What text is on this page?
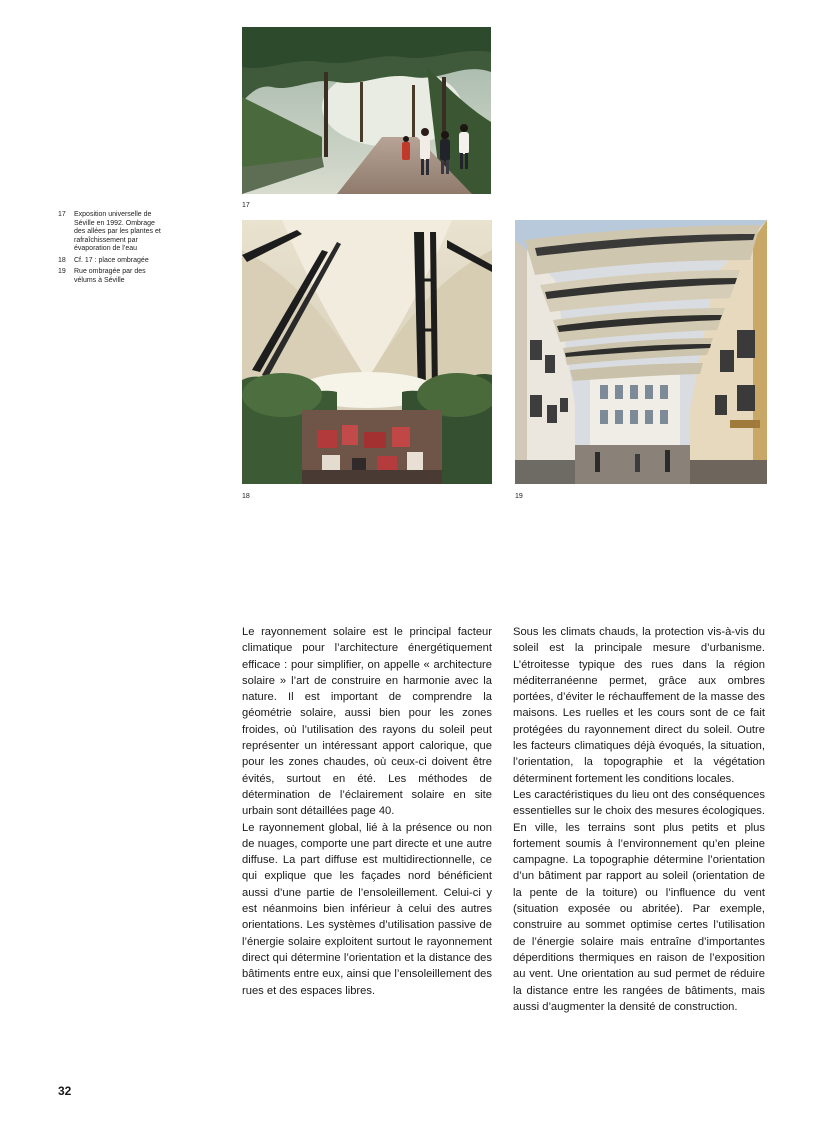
17
18	19
17	Exposition universelle de Séville en 1992. Ombrage des allées par les plantes et rafraîchissement par évaporation de l’eau
18	Cf. 17 : place ombragée
19	Rue ombragée par des vélums à Séville

Le rayonnement solaire est le principal facteur climatique pour l’architecture énergétiquement efficace : pour simplifier, on appelle « architecture solaire » l’art de construire en harmonie avec la nature. Il est important de comprendre la géométrie solaire, aussi bien pour les zones froides, où l’utilisation des rayons du soleil peut représenter un intéressant apport calorique, que pour les zones chaudes, où ceux-ci doivent être évités, surtout en été. Les méthodes de détermination de l’éclairement solaire en site urbain sont détaillées page 40.

Le rayonnement global, lié à la présence ou non de nuages, comporte une part directe et une autre diffuse. La part diffuse est multidirectionnelle, ce qui explique que les façades nord bénéficient aussi d’une partie de l’ensoleillement. Celui-ci y est néanmoins bien inférieur à celui des autres orientations. Les systèmes d’utilisation passive de l’énergie solaire exploitent surtout le rayonnement direct qui détermine l’orientation et la distance des bâtiments entre eux, ainsi que l’ensoleillement des rues et des espaces libres.

Sous les climats chauds, la protection vis-à-vis du soleil est la principale mesure d’urbanisme. L’étroitesse typique des rues dans la région méditerranéenne permet, grâce aux ombres portées, d’éviter le réchauffement de la masse des maisons. Les ruelles et les cours sont de ce fait protégées du rayonnement direct du soleil. Outre les facteurs climatiques déjà évoqués, la situation, l’orientation, la topographie et la végétation déterminent fortement les conditions locales.

Les caractéristiques du lieu ont des conséquences essentielles sur le choix des mesures écologiques. En ville, les terrains sont plus petits et plus fortement soumis à l’environnement qu’en pleine campagne. La topographie détermine l’orientation d’un bâtiment par rapport au soleil (orientation de la pente de la toiture) ou l’influence du vent (situation exposée ou abritée). Par exemple, construire au sommet optimise certes l’utilisation de l’énergie solaire mais entraîne d’importantes déperditions thermiques en raison de l’exposition au vent. Une orientation au sud permet de réduire la distance entre les rangées de bâtiments, mais aussi d’augmenter la densité de construction.

32
